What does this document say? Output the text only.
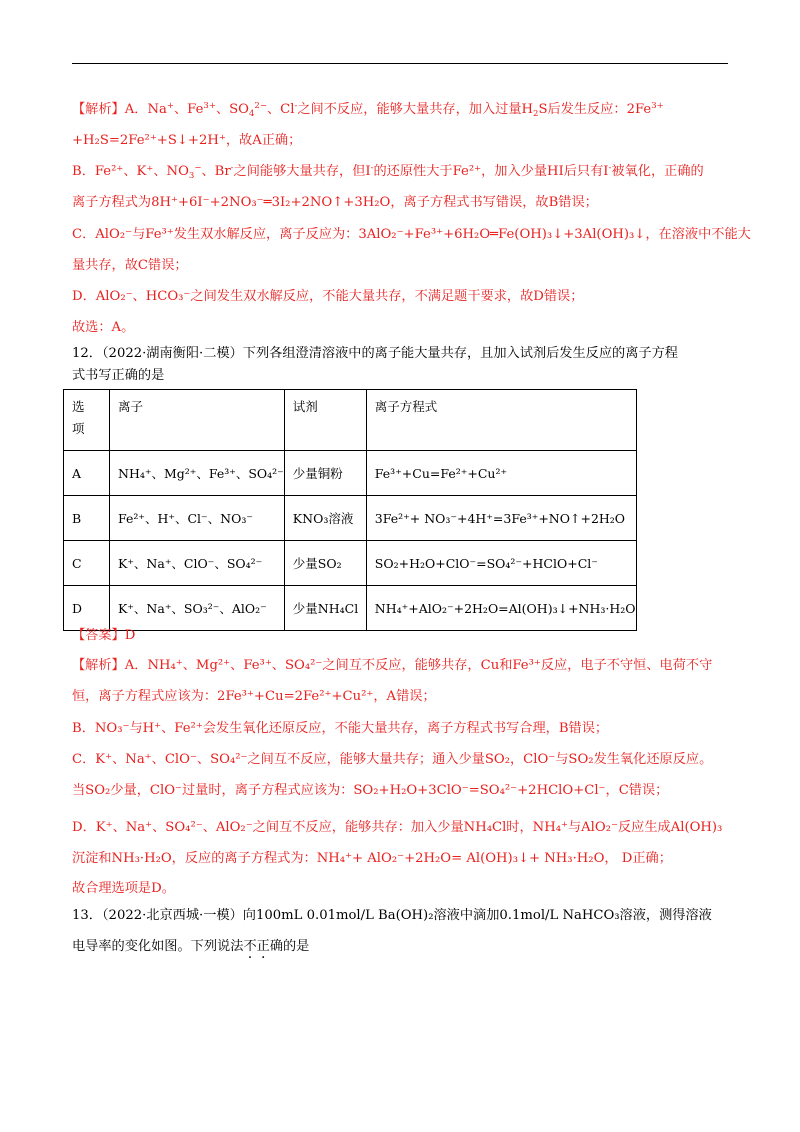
【解析】A．Na+、$Fe^{3+}$、$SO_4^{2-}$、Cl-之间不反应，能够大量共存，加入过量$H_2S$后发生反应：$2Fe^{3+}$
+H₂S=2Fe²⁺+S↓+2H⁺，故A正确；
B．Fe²⁺、K⁺、$NO_3^-$、Br-之间能够大量共存，但I-的还原性大于Fe²⁺，加入少量HI后只有I-被氧化，正确的
离子方程式为8H⁺+6I⁻+2NO₃⁻═3I₂+2NO↑+3H₂O，离子方程式书写错误，故B错误；
C．AlO₂⁻与Fe³⁺发生双水解反应，离子反应为：3AlO₂⁻+Fe³⁺+6H₂O═Fe(OH)₃↓+3Al(OH)₃↓，在溶液中不能大
量共存，故C错误；
D．AlO₂⁻、HCO₃⁻之间发生双水解反应，不能大量共存，不满足题干要求，故D错误；
故选：A。
12．（2022·湖南衡阳·二模）下列各组澄清溶液中的离子能大量共存，且加入试剂后发生反应的离子方程
式书写正确的是
选
项	离子	试剂	离子方程式
A	NH₄⁺、Mg²⁺、Fe³⁺、SO₄²⁻	少量铜粉	Fe³⁺+Cu=Fe²⁺+Cu²⁺
B	Fe²⁺、H⁺、Cl⁻、NO₃⁻	KNO₃溶液	3Fe²⁺+ NO₃⁻+4H⁺=3Fe³⁺+NO↑+2H₂O
C	K⁺、Na⁺、ClO⁻、SO₄²⁻	少量SO₂	SO₂+H₂O+ClO⁻=SO₄²⁻+HClO+Cl⁻
D	K⁺、Na⁺、SO₃²⁻、AlO₂⁻	少量NH₄Cl	NH₄⁺+AlO₂⁻+2H₂O=Al(OH)₃↓+NH₃·H₂O
【答案】D
【解析】A．NH₄⁺、Mg²⁺、Fe³⁺、SO₄²⁻之间互不反应，能够共存，Cu和Fe³⁺反应，电子不守恒、电荷不守
恒，离子方程式应该为：2Fe³⁺+Cu=2Fe²⁺+Cu²⁺，A错误；
B．NO₃⁻与H⁺、Fe²⁺会发生氧化还原反应，不能大量共存，离子方程式书写合理，B错误；
C．K⁺、Na⁺、ClO⁻、SO₄²⁻之间互不反应，能够大量共存；通入少量SO₂，ClO⁻与SO₂发生氧化还原反应。
当SO₂少量，ClO⁻过量时，离子方程式应该为：SO₂+H₂O+3ClO⁻=SO₄²⁻+2HClO+Cl⁻，C错误；
D．K⁺、Na⁺、SO₄²⁻、AlO₂⁻之间互不反应，能够共存：加入少量NH₄Cl时，NH₄⁺与AlO₂⁻反应生成Al(OH)₃
沉淀和NH₃·H₂O，反应的离子方程式为：NH₄⁺+ AlO₂⁻+2H₂O= Al(OH)₃↓+ NH₃·H₂O， D正确；
故合理选项是D。
13．（2022·北京西城·一模）向100mL 0.01mol/L Ba(OH)₂溶液中滴加0.1mol/L NaHCO₃溶液，测得溶液
电导率的变化如图。下列说法不正确的是
